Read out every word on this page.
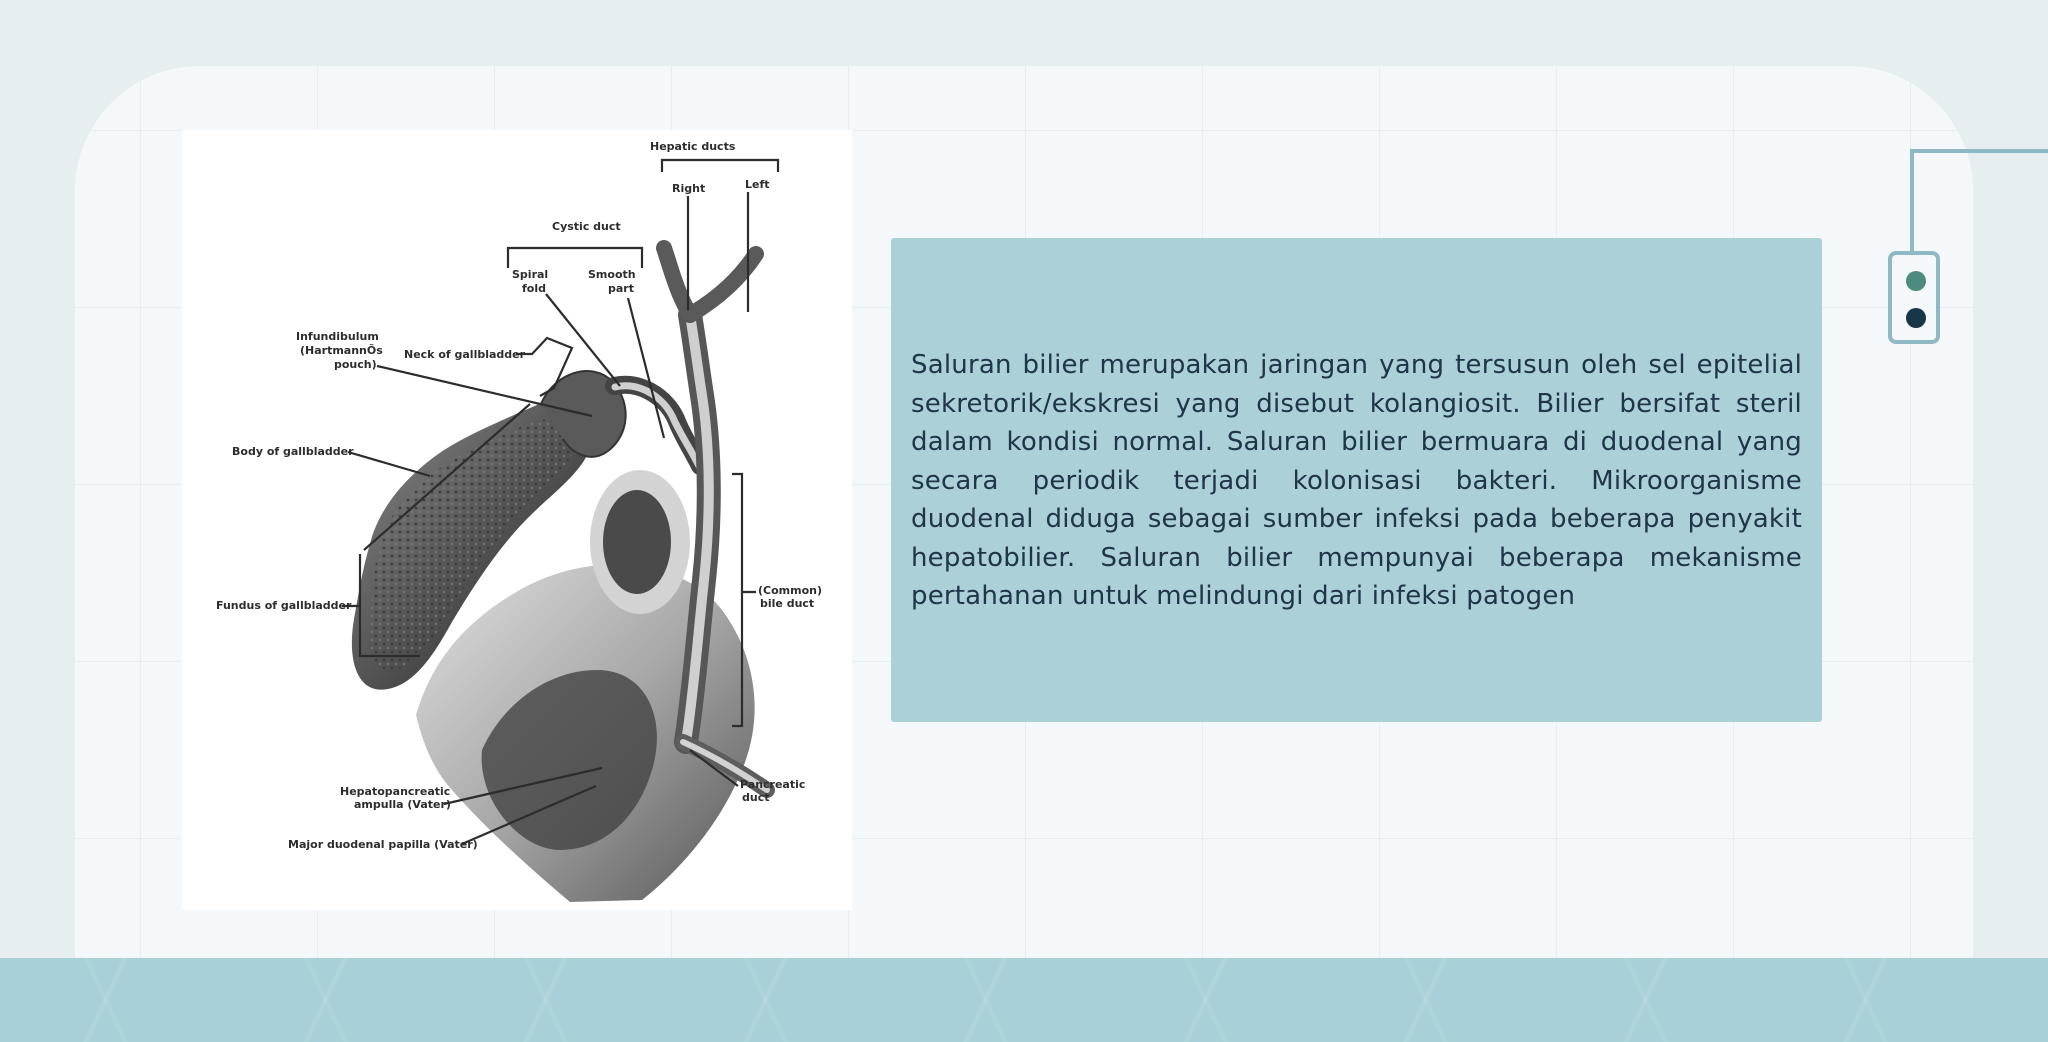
Hepatic ducts
Right	Left
Cystic duct
Spiral
fold
Smooth
part
Infundibulum
(HartmannÕs
pouch)
Neck of gallbladder
Body of gallbladder
Fundus of gallbladder
(Common)
bile duct
Pancreatic
duct
Hepatopancreatic
ampulla (Vater)
Major duodenal papilla (Vater)

Saluran bilier merupakan jaringan yang tersusun oleh sel epitelial sekretorik/ekskresi yang disebut kolangiosit. Bilier bersifat steril dalam kondisi normal. Saluran bilier bermuara di duodenal yang secara periodik terjadi kolonisasi bakteri. Mikroorganisme duodenal diduga sebagai sumber infeksi pada beberapa penyakit hepatobilier. Saluran bilier mempunyai beberapa mekanisme pertahanan untuk melindungi dari infeksi patogen
